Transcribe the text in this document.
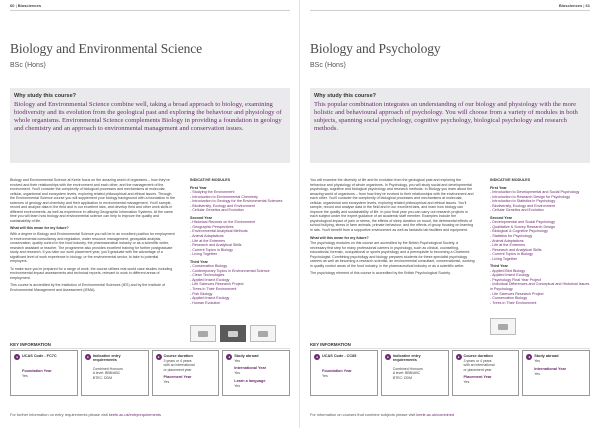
60 | Biosciences
Biology and Environmental Science

BSc (Hons)

Why study this course?

Biology and Environmental Science combine well, taking a broad approach to biology, examining biodiversity and its evolution from the geological past and exploring the behaviour and physiology of whole organisms. Environmental Science complements Biology in providing a foundation in geology and chemistry and an approach to environmental management and conservation issues.

Biology and Environmental Science at Keele focus on the amazing world of organisms – how they've evolved and their relationships with the environment and each other, and the management of the environment. You'll consider the complexity of biological processes and mechanisms at molecular, cellular, organismal and ecosystem levels, exploring related philosophical and ethical issues. Through the Environmental Science course you will supplement your biology background with a foundation in the sciences of geology and chemistry and their application to environmental management. You'll sample, record and analyse data in the field and in our excellent labs, and develop field and other work skills in different environments, as well as experience in utilising Geographic Information Systems. At the same time you will learn how biology and environmental science can help to improve the quality and sustainability of life.

What will this mean for my future?

With a degree in Biology and Environmental Science you will be in an excellent position for employment in environmental consultancy and regulation, water resource management, geospatial analysis, conservation, quality control in the food industry, the pharmaceutical industry or as a scientific writer, research assistant or teacher. The programme also provides excellent training for further postgraduate study and research. If you take our work placement year, you'll graduate with the advantage of a significant level of work experience in biology, or the environmental sector, to take to potential employers.

To make sure you're prepared for a range of work, the course utilises real-world case studies including environmental impact assessments and technical reports, relevant to work in different areas of employment.

This course is accredited by the Institution of Environmental Sciences (IES) and by the Institute of Environmental Management and Assessment (IEMA).

INDICATIVE MODULES

First Year

- Studying the Environment
- Introduction to Environmental Chemistry
- Introduction to Geology for the Environmental Sciences
- Biodiversity, Ecology and Environment
- Cellular Genetics and Evolution

Second Year

- Historical Records on the Environment
- Geographic Perspectives
- Environmental Analytical Methods
- Animal Adaptations
- Life at the Extremes
- Research and Analytical Skills
- Current Topics in Biology
- Living Together

Third Year

- Conservation Biology
- Contemporary Topics in Environmental Science
- Clean Technologies
- Applied Insect Ecology
- Life Sciences Research Project
- Trees in Their Environment
- Fish Biology
- Applied Insect Ecology
- Human Evolution
KEY INFORMATION
●	UCAS Code - FC7C
Foundation Year
Yes
●	Indicative entry requirements
Combined Honours
A level: BBB/ABC
BTEC: DDM
●	Course duration
3 years or 4 years
with an international
or placement year
Placement Year
Yes
●	Study abroad
Yes
International Year
Yes
Learn a language
Yes
For further information on entry requirements please visit keele.ac.uk/entryrequirements
Biosciences | 61
Biology and Psychology

BSc (Hons)

Why study this course?

This popular combination integrates an understanding of our biology and physiology with the more holistic and behavioural approach of psychology. You will choose from a variety of modules in both subjects, spanning social psychology, cognitive psychology, biological psychology and research methods.

You will examine the diversity of life and its evolution from the geological past and exploring the behaviour and physiology of whole organisms. In Psychology, you will study social and developmental psychology, cognitive and biological psychology and research methods. In Biology you learn about the amazing world of organisms – from how they've evolved to their relationships with the environment and each other. You'll consider the complexity of biological processes and mechanisms at molecular, cellular, organismal and ecosystem levels, exploring related philosophical and ethical issues. You'll sample, record and analyse data in the field and in our excellent labs, and learn how biology can improve the quality and sustainability of life. In your final year you can carry out research projects in each subject under the expert guidance of an academic staff member. Examples include the psychological impact of pain or stress, the effects of sleep duration on mood, the detrimental effects of school bullying, stress in farm animals, primate behaviour, and the effects of group housing on learning in rats. You'll benefit from a supportive environment as well as fantastic lab facilities and equipment.

What will this mean for my future?

The psychology modules on this course are accredited by the British Psychological Society, a necessary first step for many professional careers in psychology, such as clinical, counselling, educational, forensic, occupational or sports psychology and a prerequisite to becoming a Chartered Psychologist. Combining psychology and biology prepares students for these specialist psychology careers as well as becoming a research scientist, an environmental consultant, conservationist, working in quality control areas of the food industry, in the pharmaceutical industry or as a scientific writer.

The psychology element of this course is accredited by the British Psychological Society.

INDICATIVE MODULES

First Year

- Introduction to Developmental and Social Psychology
- Introduction to Research Design for Psychology
- Introduction to Statistics in Psychology
- Biodiversity, Ecology and Environment
- Cellular Genetics and Evolution

Second Year

- Developmental and Social Psychology
- Qualitative & Survey Research Design
- Biological & Cognitive Psychology
- Statistics for Psychology
- Animal Adaptations
- Life at the Extremes
- Research and Analytical Skills
- Current Topics in Biology
- Living Together

Third Year

- Applied Bird Biology
- Applied Insect Ecology
- Psychology Final Year Project
- Individual Differences and Conceptual and Historical Issues in Psychology
- Life Sciences Research Project
- Conservation Biology
- Trees in Their Environment
KEY INFORMATION
●	UCAS Code - CC85
Foundation Year
Yes
●	Indicative entry requirements
Combined Honours
A level: BBB/ABC
BTEC: DDM
●	Course duration
3 years or 4 years
with an international
or placement year
Placement Year
Yes
●	Study abroad
Yes
International Year
Yes
For information on courses that combine subjects please visit keele.ac.uk/combined
